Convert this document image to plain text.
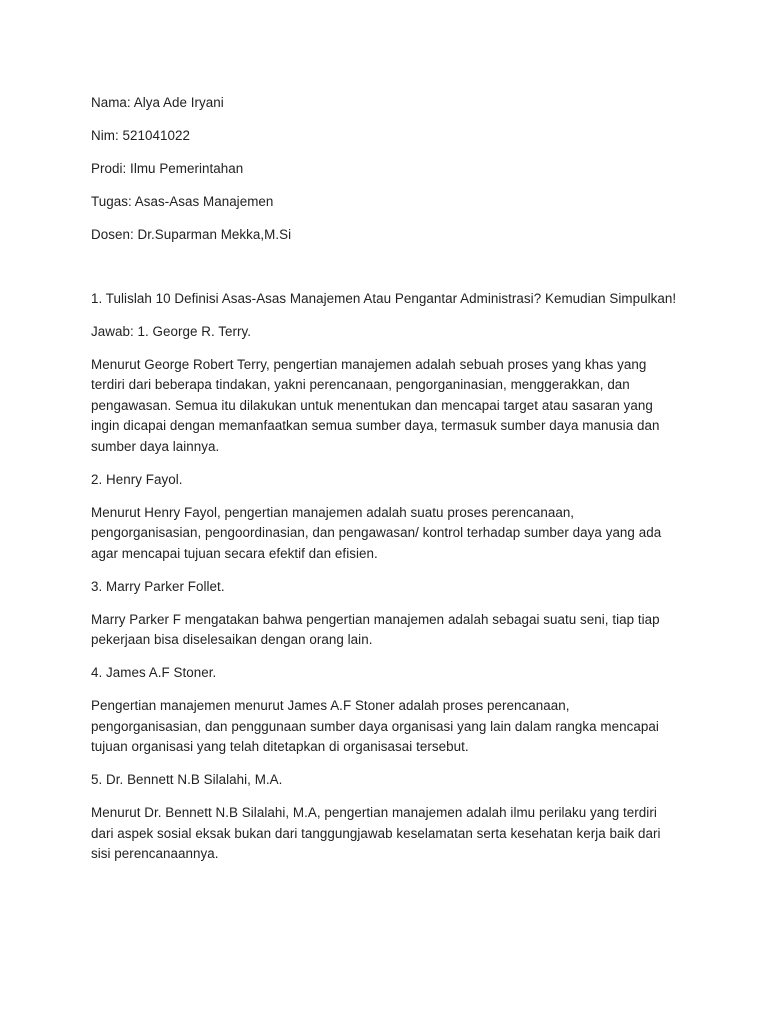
Nama: Alya Ade Iryani

Nim: 521041022

Prodi: Ilmu Pemerintahan

Tugas: Asas-Asas Manajemen

Dosen: Dr.Suparman Mekka,M.Si

1. Tulislah 10 Definisi Asas-Asas Manajemen Atau Pengantar Administrasi? Kemudian Simpulkan!

Jawab: 1. George R. Terry.

Menurut George Robert Terry, pengertian manajemen adalah sebuah proses yang khas yang terdiri dari beberapa tindakan, yakni perencanaan, pengorganinasian, menggerakkan, dan pengawasan. Semua itu dilakukan untuk menentukan dan mencapai target atau sasaran yang ingin dicapai dengan memanfaatkan semua sumber daya, termasuk sumber daya manusia dan sumber daya lainnya.

2. Henry Fayol.

Menurut Henry Fayol, pengertian manajemen adalah suatu proses perencanaan, pengorganisasian, pengoordinasian, dan pengawasan/ kontrol terhadap sumber daya yang ada agar mencapai tujuan secara efektif dan efisien.

3. Marry Parker Follet.

Marry Parker F mengatakan bahwa pengertian manajemen adalah sebagai suatu seni, tiap tiap pekerjaan bisa diselesaikan dengan orang lain.

4. James A.F Stoner.

Pengertian manajemen menurut James A.F Stoner adalah proses perencanaan, pengorganisasian, dan penggunaan sumber daya organisasi yang lain dalam rangka mencapai tujuan organisasi yang telah ditetapkan di organisasai tersebut.

5. Dr. Bennett N.B Silalahi, M.A.

Menurut Dr. Bennett N.B Silalahi, M.A, pengertian manajemen adalah ilmu perilaku yang terdiri dari aspek sosial eksak bukan dari tanggungjawab keselamatan serta kesehatan kerja baik dari sisi perencanaannya.
